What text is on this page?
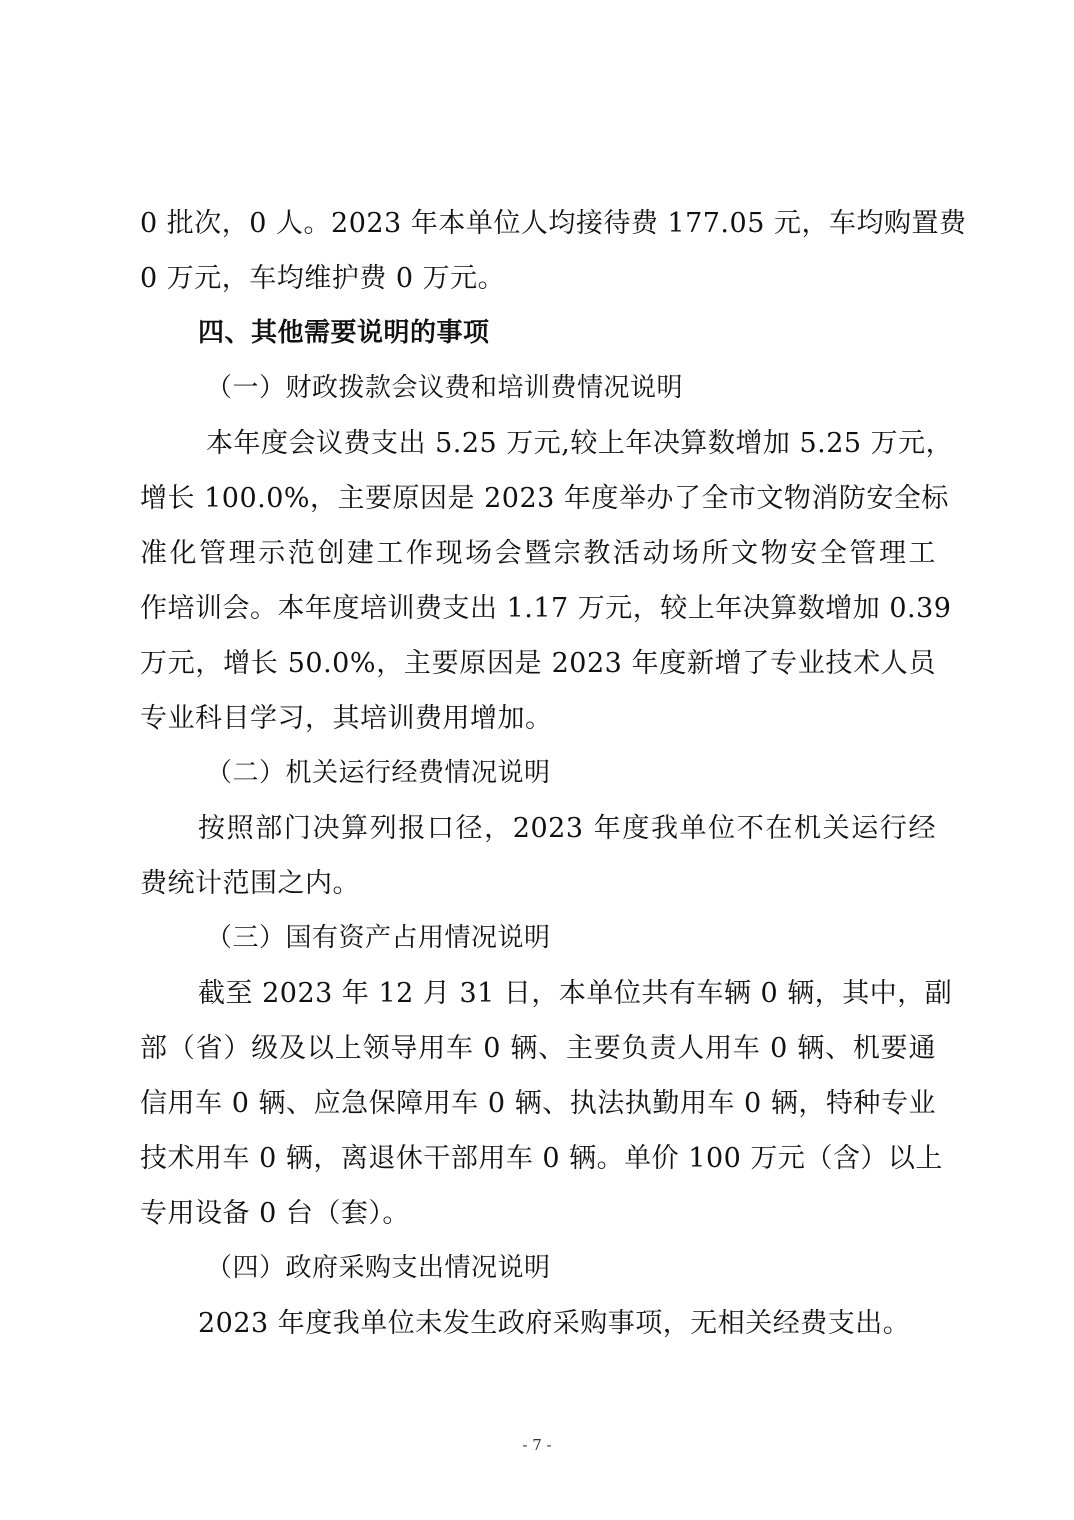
0 批次，0 人。2023 年本单位人均接待费 177.05 元，车均购置费
0 万元，车均维护费 0 万元。
四、其他需要说明的事项
（一）财政拨款会议费和培训费情况说明
本年度会议费支出 5.25 万元,较上年决算数增加 5.25 万元，
增长 100.0%，主要原因是 2023 年度举办了全市文物消防安全标
准化管理示范创建工作现场会暨宗教活动场所文物安全管理工
作培训会。本年度培训费支出 1.17 万元，较上年决算数增加 0.39
万元，增长 50.0%，主要原因是 2023 年度新增了专业技术人员
专业科目学习，其培训费用增加。
（二）机关运行经费情况说明
按照部门决算列报口径，2023 年度我单位不在机关运行经
费统计范围之内。
（三）国有资产占用情况说明
截至 2023 年 12 月 31 日，本单位共有车辆 0 辆，其中，副
部（省）级及以上领导用车 0 辆、主要负责人用车 0 辆、机要通
信用车 0 辆、应急保障用车 0 辆、执法执勤用车 0 辆，特种专业
技术用车 0 辆，离退休干部用车 0 辆。单价 100 万元（含）以上
专用设备 0 台（套）。
（四）政府采购支出情况说明
2023 年度我单位未发生政府采购事项，无相关经费支出。
- 7 -
